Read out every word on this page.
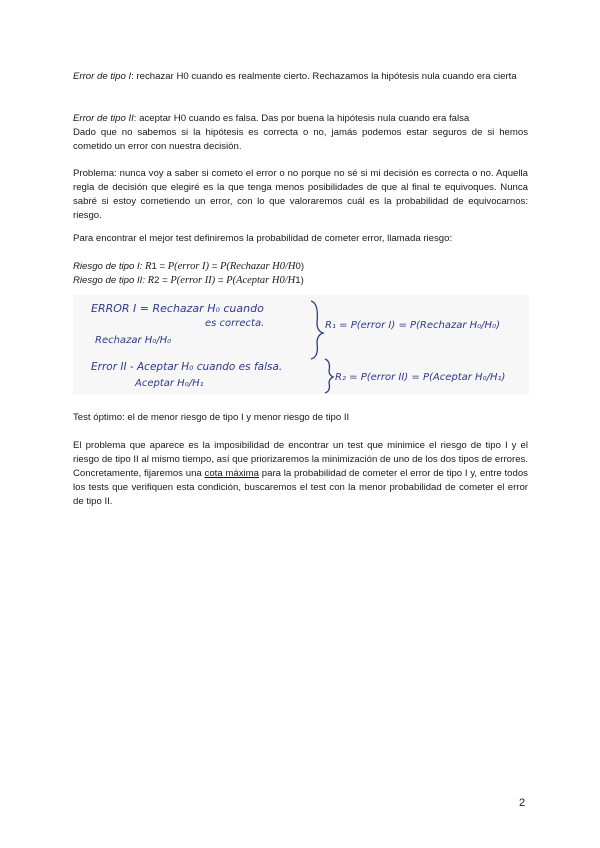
Error de tipo I: rechazar H0 cuando es realmente cierto. Rechazamos la hipótesis nula cuando era cierta

Error de tipo II: aceptar H0 cuando es falsa. Das por buena la hipótesis nula cuando era falsa
Dado que no sabemos si la hipótesis es correcta o no, jamás podemos estar seguros de si hemos cometido un error con nuestra decisión.

Problema: nunca voy a saber si cometo el error o no porque no sé si mi decisión es correcta o no. Aquella regla de decisión que elegiré es la que tenga menos posibilidades de que al final te equivoques. Nunca sabré si estoy cometiendo un error, con lo que valoraremos cuál es la probabilidad de equivocarnos: riesgo.

Para encontrar el mejor test definiremos la probabilidad de cometer error, llamada riesgo:

Riesgo de tipo I: R1 = P(error I) = P(Rechazar H0/H0)

Riesgo de tipo II: R2 = P(error II) = P(Aceptar H0/H1)

ERROR I = Rechazar H₀ cuando
es correcta.
Rechazar H₀/H₀
R₁ = P(error I) = P(Rechazar H₀/H₀)
Error II - Aceptar H₀ cuando es falsa.
Aceptar H₀/H₁
R₂ = P(error II) = P(Aceptar H₀/H₁)

Test óptimo: el de menor riesgo de tipo I y menor riesgo de tipo II

El problema que aparece es la imposibilidad de encontrar un test que minimice el riesgo de tipo I y el riesgo de tipo II al mismo tiempo, así que priorizaremos la minimización de uno de los dos tipos de errores. Concretamente, fijaremos una cota máxima para la probabilidad de cometer el error de tipo I y, entre todos los tests que verifiquen esta condición, buscaremos el test con la menor probabilidad de cometer el error de tipo II.

2
